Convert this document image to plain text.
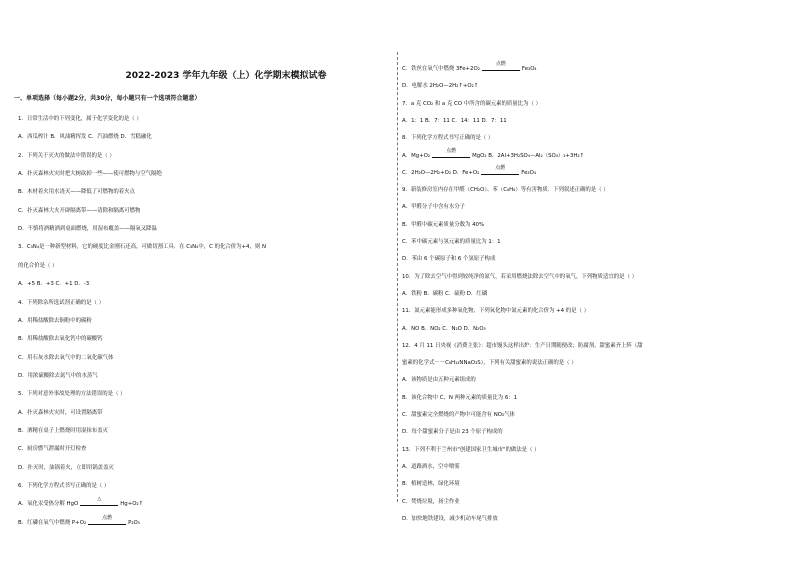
2022-2023 学年九年级（上）化学期末模拟试卷
一、单项选择（每小题2分，共30分，每小题只有一个选项符合题意）
1．日常生活中的下列变化，属于化学变化的是（ ）
A．西瓜榨汁 B．风油精挥发 C．汽油燃烧 D．雪糕融化
2．下列关于灭火的做法中错误的是（ ）
A．扑灭森林火灾时把大树砍掉一些——使可燃物与空气隔绝
B．木材着火用水浇灭——降低了可燃物的着火点
C．扑灭森林大火开辟隔离带——清除和隔离可燃物
D．不慎将酒精洒到桌面燃烧，用湿布覆盖——隔氧又降温
3．C₃N₄是一种新型材料，它的硬度比金刚石还高，可做切割工具．在 C₃N₄中，C 的化合价为+4，则 N
的化合价是（ ）
A．+5 B．+3 C．+1 D．-3
4．下列除杂所选试剂正确的是（ ）
A．用稀盐酸除去铜粉中的碳粉
B．用稀盐酸除去氧化钙中的碳酸钙
C．用石灰水除去氧气中的二氧化碳气体
D．用浓硫酸除去氮气中的水蒸气
5．下列对意外事故处理的方法错误的是（ ）
A．扑灭森林火灾时，可设置隔离带
B．酒精在桌子上燃烧时用湿抹布盖灭
C．厨房燃气泄漏时开灯检查
D．扑灭时，油锅着火，立即用锅盖盖灭
6．下列化学方程式书写正确的是（ ）
A．氧化汞受热分解 HgO
△
Hg+O₂↑
B．红磷在氧气中燃烧 P+O₂
点燃
P₂O₅
C．铁丝在氧气中燃烧 3Fe+2O₂
点燃
Fe₃O₄
D．电解水 2H₂O—2H₂↑+O₂↑
7．a 克 CO₂ 和 a 克 CO 中所含的碳元素的质量比为（ ）
A．1：1 B．7：11 C．14：11 D．7：11
8．下列化学方程式书写正确的是（ ）
A．Mg+O₂
点燃
MgO₂ B．2Al+3H₂SO₄—Al₂（SO₄）₃+3H₂↑
C．2H₂O—2H₂+O₂ D．Fe+O₂
点燃
Fe₃O₄
9．新装修房室内存在甲醛（CH₂O）、苯（C₆H₆）等有害物质．下列叙述正确的是（ ）
A．甲醛分子中含有水分子
B．甲醛中碳元素质量分数为 40%
C．苯中碳元素与氢元素的质量比为 1：1
D．苯由 6 个碳原子和 6 个氢原子构成
10．为了除去空气中得到较纯净的氮气，若采用燃烧法除去空气中的氧气，下列物质适宜的是（ ）
A．铁粉 B．碳粉 C．硫粉 D．红磷
11．氮元素能形成多种氧化物，下列氧化物中氮元素的化合价为 +4 的是（ ）
A．NO B．NO₂ C．N₂O D．N₂O₅
12．4 月 11 日央视《消费主张》：超市馒头这样出炉：生产日期随便改；防腐剂、甜蜜素齐上阵（甜
蜜素的化学式－－C₆H₁₂NNaO₃S），下列有关甜蜜素的说法正确的是（ ）
A．该物质是由五种元素组成的
B．该化合物中 C、N 两种元素的质量比为 6：1
C．甜蜜素完全燃烧的产物中可能含有 NO₂气体
D．每个甜蜜素分子是由 23 个原子构成的
13．下列不利于兰州市"创建国家卫生城市"的做法是（ ）
A．道路洒水，空中喷雾
B．植树造林，绿化环境
C．焚烧垃圾，扬尘作业
D．加快地铁建设，减少机动车尾气排放
